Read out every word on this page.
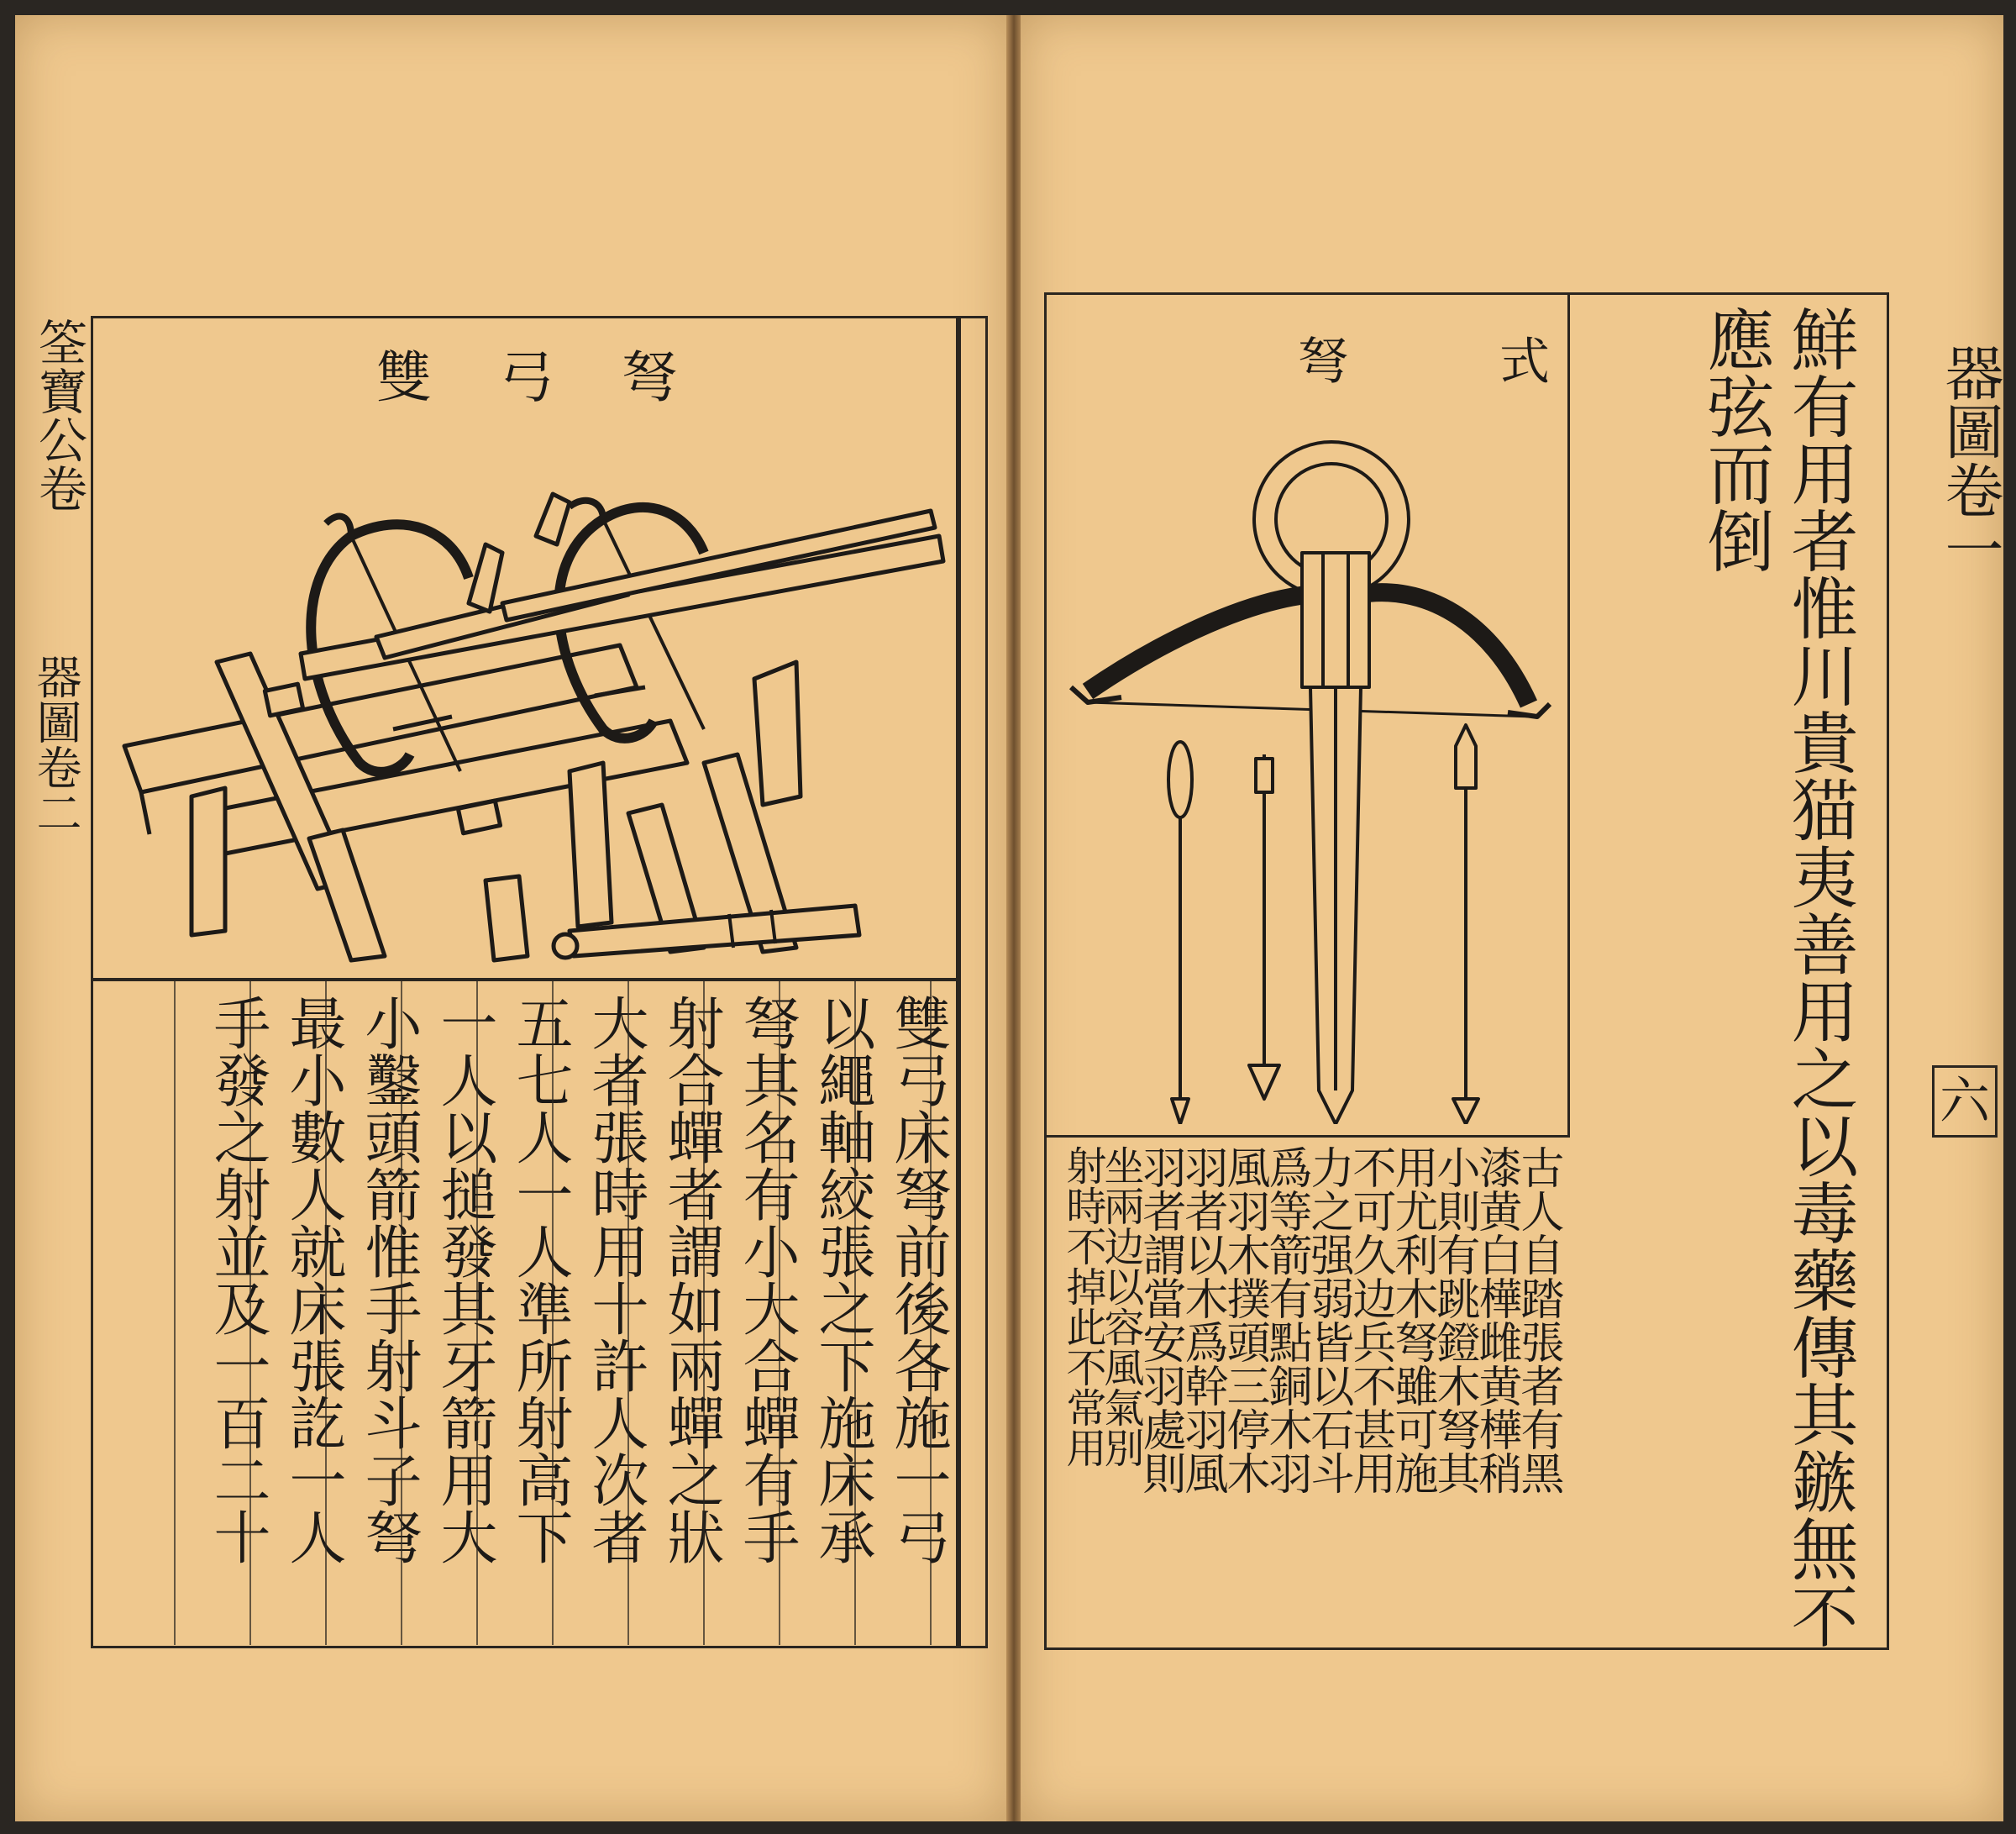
筌寶公卷
器圖卷二
雙弓弩
雙弓床弩前後各施一弓
以繩軸絞張之下施床承
弩其名有小大合蟬有手
射合蟬者謂如兩蟬之狀
大者張時用十許人次者
五七人一人準所射高下
一人以搥發其牙箭用大
小鑿頭箭惟手射斗子弩
最小數人就床張訖一人
手發之射並及一百二十
弩式 鮮有用者惟川貴猫夷善用之以毒藥傳其鏃無不
應弦而倒	器圖卷一
六
古人自踏張者有黑
漆黄白樺雌黄樺稍
小則有跳鐙木弩其
用尤利木弩雖可施
不可久边兵不甚用
力之强弱皆以石斗
爲等箭有點銅木羽
風羽木撲頭三停木
羽者以木爲幹羽風
羽者謂當安羽處則
坐兩边以容風氣別
射時不掉此不常用
